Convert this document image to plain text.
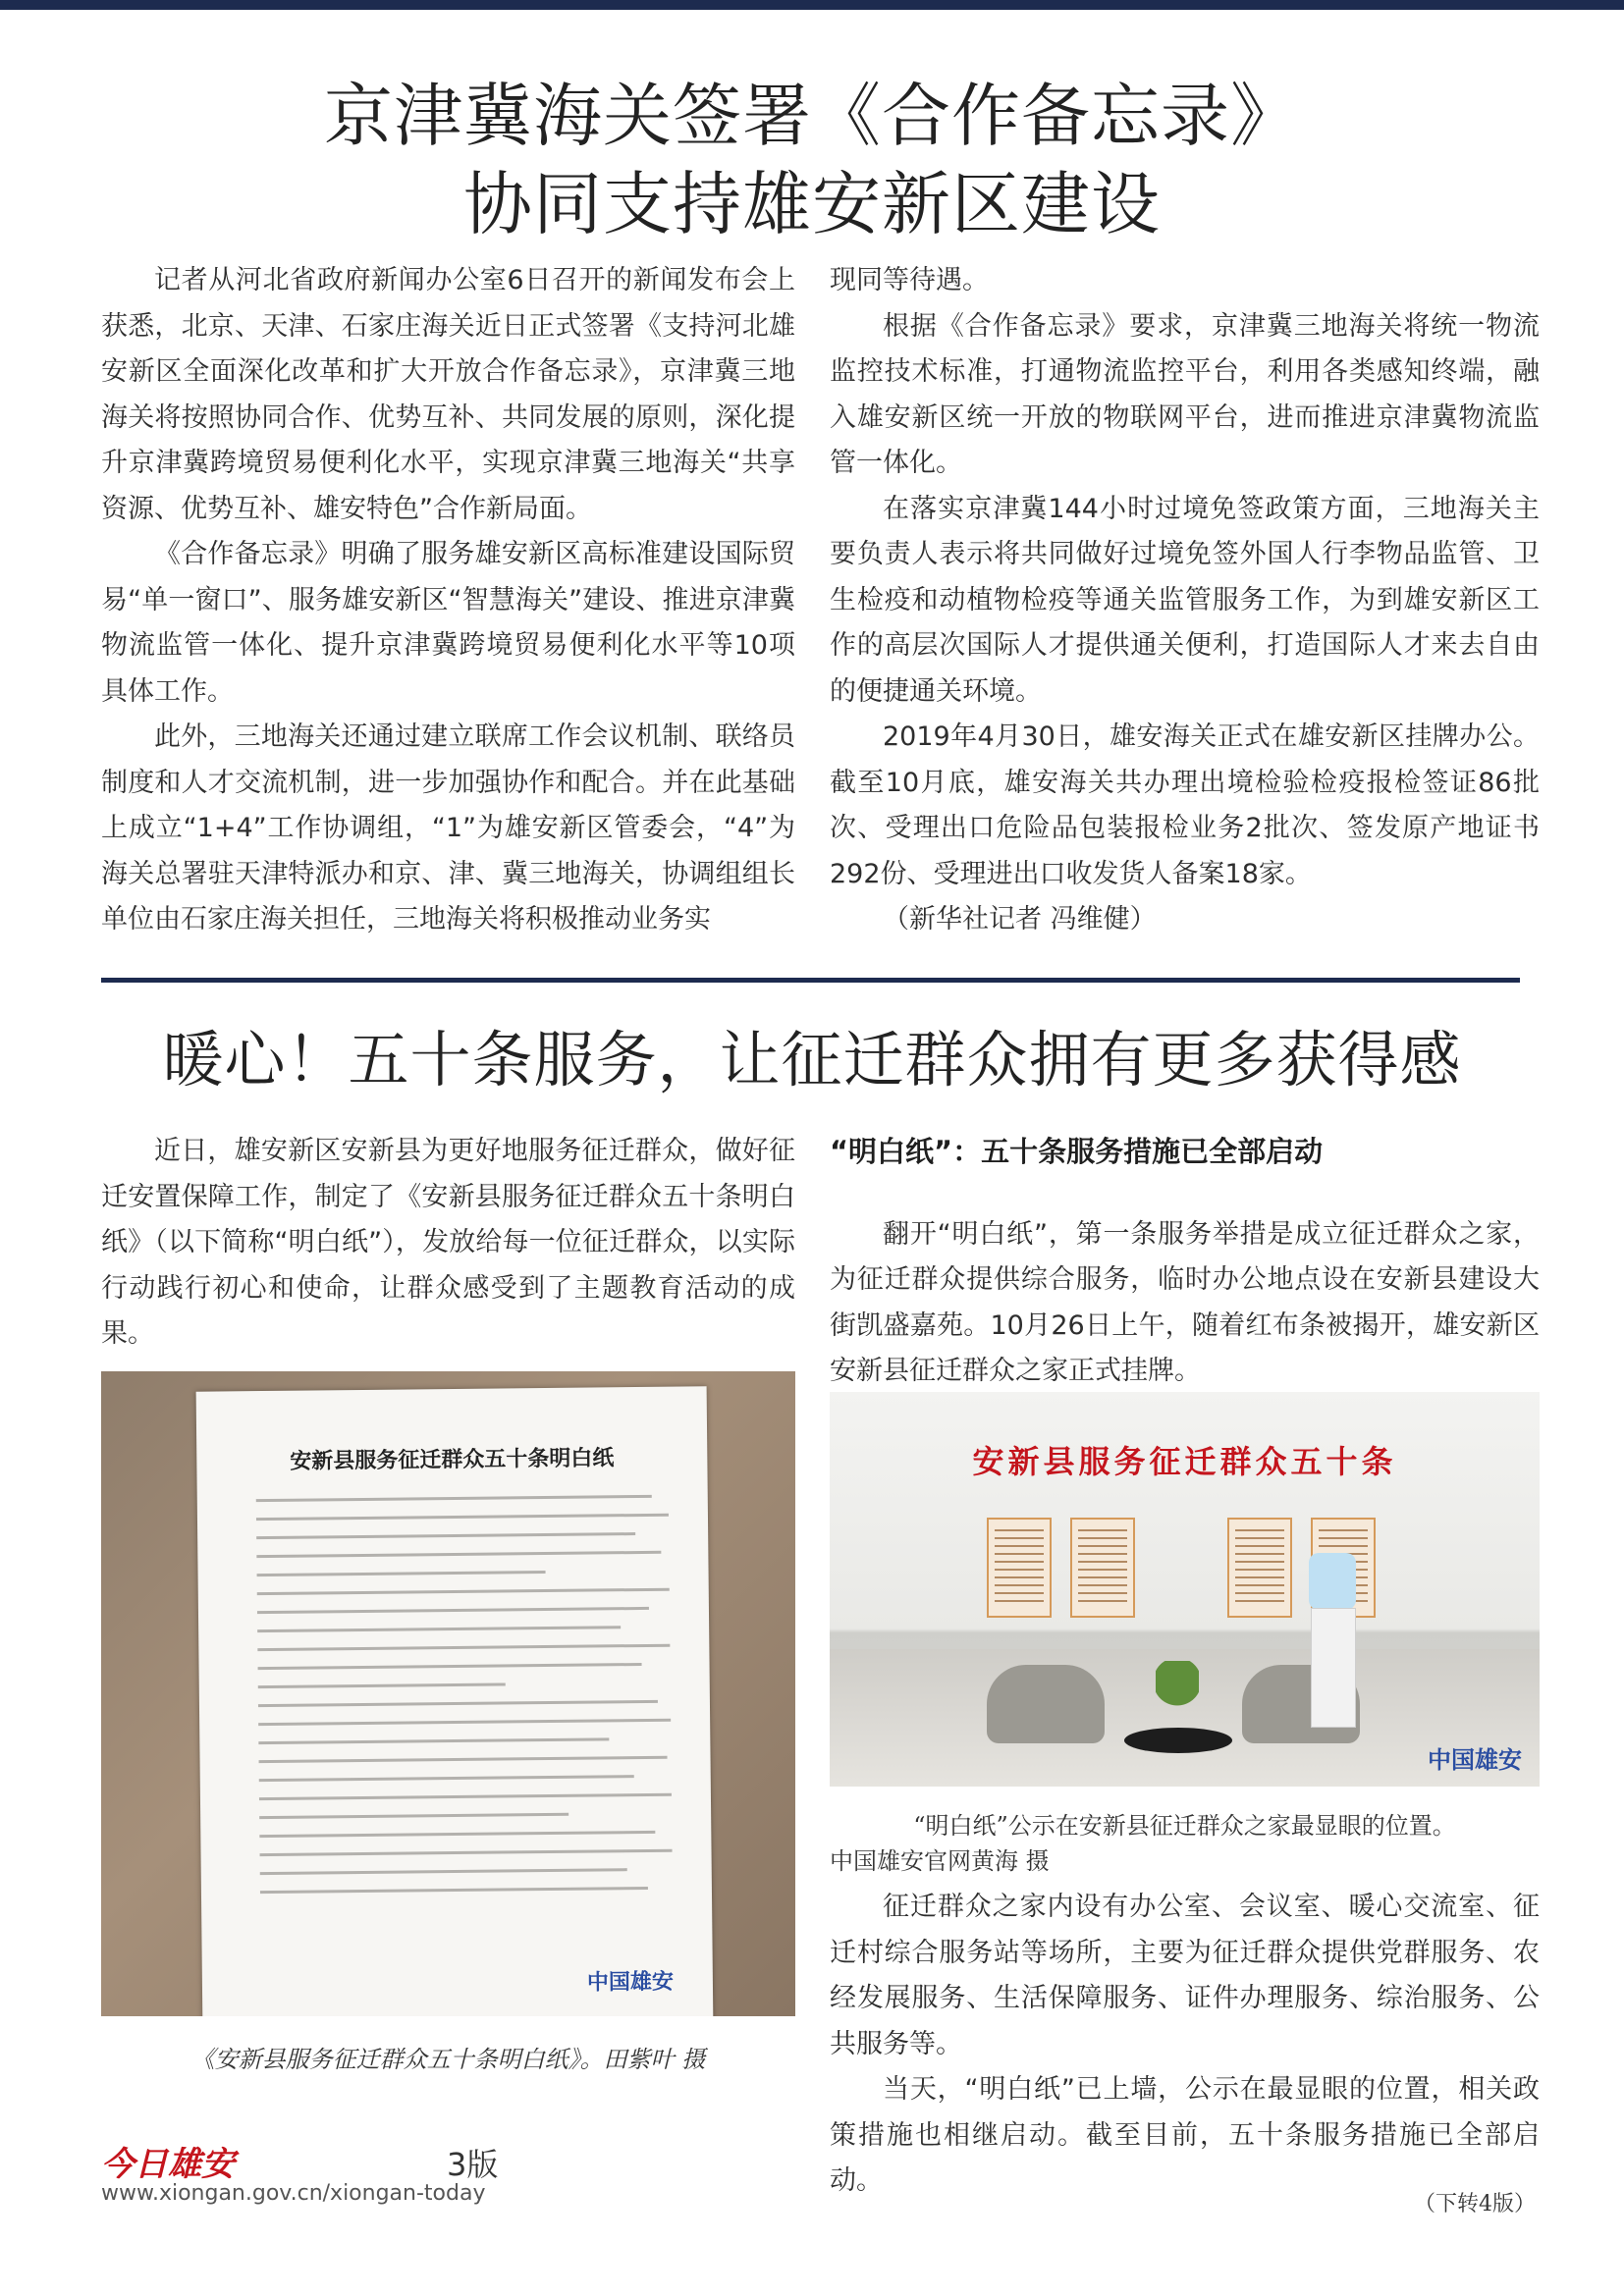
京津冀海关签署《合作备忘录》
协同支持雄安新区建设

记者从河北省政府新闻办公室6日召开的新闻发布会上获悉，北京、天津、石家庄海关近日正式签署《支持河北雄安新区全面深化改革和扩大开放合作备忘录》，京津冀三地海关将按照协同合作、优势互补、共同发展的原则，深化提升京津冀跨境贸易便利化水平，实现京津冀三地海关“共享资源、优势互补、雄安特色”合作新局面。

《合作备忘录》明确了服务雄安新区高标准建设国际贸易“单一窗口”、服务雄安新区“智慧海关”建设、推进京津冀物流监管一体化、提升京津冀跨境贸易便利化水平等10项具体工作。

此外，三地海关还通过建立联席工作会议机制、联络员制度和人才交流机制，进一步加强协作和配合。并在此基础上成立“1+4”工作协调组，“1”为雄安新区管委会，“4”为海关总署驻天津特派办和京、津、冀三地海关，协调组组长单位由石家庄海关担任，三地海关将积极推动业务实

现同等待遇。

根据《合作备忘录》要求，京津冀三地海关将统一物流监控技术标准，打通物流监控平台，利用各类感知终端，融入雄安新区统一开放的物联网平台，进而推进京津冀物流监管一体化。

在落实京津冀144小时过境免签政策方面，三地海关主要负责人表示将共同做好过境免签外国人行李物品监管、卫生检疫和动植物检疫等通关监管服务工作，为到雄安新区工作的高层次国际人才提供通关便利，打造国际人才来去自由的便捷通关环境。

2019年4月30日，雄安海关正式在雄安新区挂牌办公。截至10月底，雄安海关共办理出境检验检疫报检签证86批次、受理出口危险品包装报检业务2批次、签发原产地证书292份、受理进出口收发货人备案18家。

（新华社记者 冯维健）

暖心！五十条服务，让征迁群众拥有更多获得感

近日，雄安新区安新县为更好地服务征迁群众，做好征迁安置保障工作，制定了《安新县服务征迁群众五十条明白纸》（以下简称“明白纸”），发放给每一位征迁群众，以实际行动践行初心和使命，让群众感受到了主题教育活动的成果。

安新县服务征迁群众五十条明白纸
中国雄安
《安新县服务征迁群众五十条明白纸》。田紫叶 摄

“明白纸”：五十条服务措施已全部启动

翻开“明白纸”，第一条服务举措是成立征迁群众之家，为征迁群众提供综合服务，临时办公地点设在安新县建设大街凯盛嘉苑。10月26日上午，随着红布条被揭开，雄安新区安新县征迁群众之家正式挂牌。

安新县服务征迁群众五十条
中国雄安
“明白纸”公示在安新县征迁群众之家最显眼的位置。
中国雄安官网黄海 摄

征迁群众之家内设有办公室、会议室、暖心交流室、征迁村综合服务站等场所，主要为征迁群众提供党群服务、农经发展服务、生活保障服务、证件办理服务、综治服务、公共服务等。

当天，“明白纸”已上墙，公示在最显眼的位置，相关政策措施也相继启动。截至目前，五十条服务措施已全部启动。

今日雄安	3版
www.xiongan.gov.cn/xiongan-today	（下转4版）
